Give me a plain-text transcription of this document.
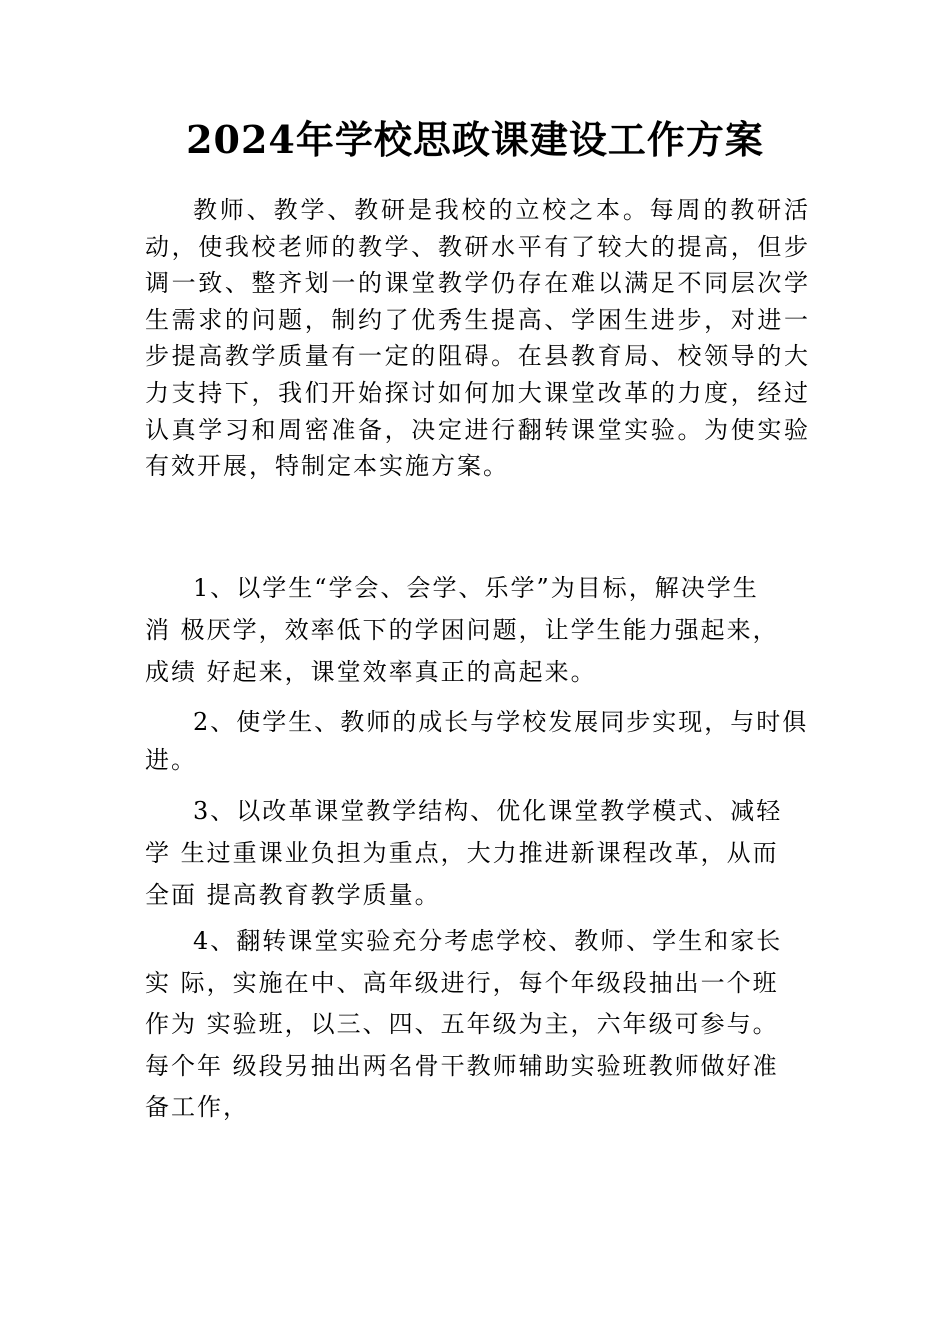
2024年学校思政课建设工作方案

教师、教学、教研是我校的立校之本。每周的教研活动，使我校老师的教学、教研水平有了较大的提高，但步调一致、整齐划一的课堂教学仍存在难以满足不同层次学生需求的问题，制约了优秀生提高、学困生进步，对进一步提高教学质量有一定的阻碍。在县教育局、校领导的大力支持下，我们开始探讨如何加大课堂改革的力度，经过认真学习和周密准备，决定进行翻转课堂实验。为使实验有效开展，特制定本实施方案。

1、以学生“学会、会学、乐学”为目标，解决学生
消 极厌学，效率低下的学困问题，让学生能力强起来，
成绩 好起来，课堂效率真正的高起来。

2、使学生、教师的成长与学校发展同步实现，与时俱
进。

3、以改革课堂教学结构、优化课堂教学模式、减轻
学 生过重课业负担为重点，大力推进新课程改革，从而
全面 提高教育教学质量。

4、翻转课堂实验充分考虑学校、教师、学生和家长
实 际，实施在中、高年级进行，每个年级段抽出一个班
作为 实验班，以三、四、五年级为主，六年级可参与。
每个年 级段另抽出两名骨干教师辅助实验班教师做好准
备工作，
